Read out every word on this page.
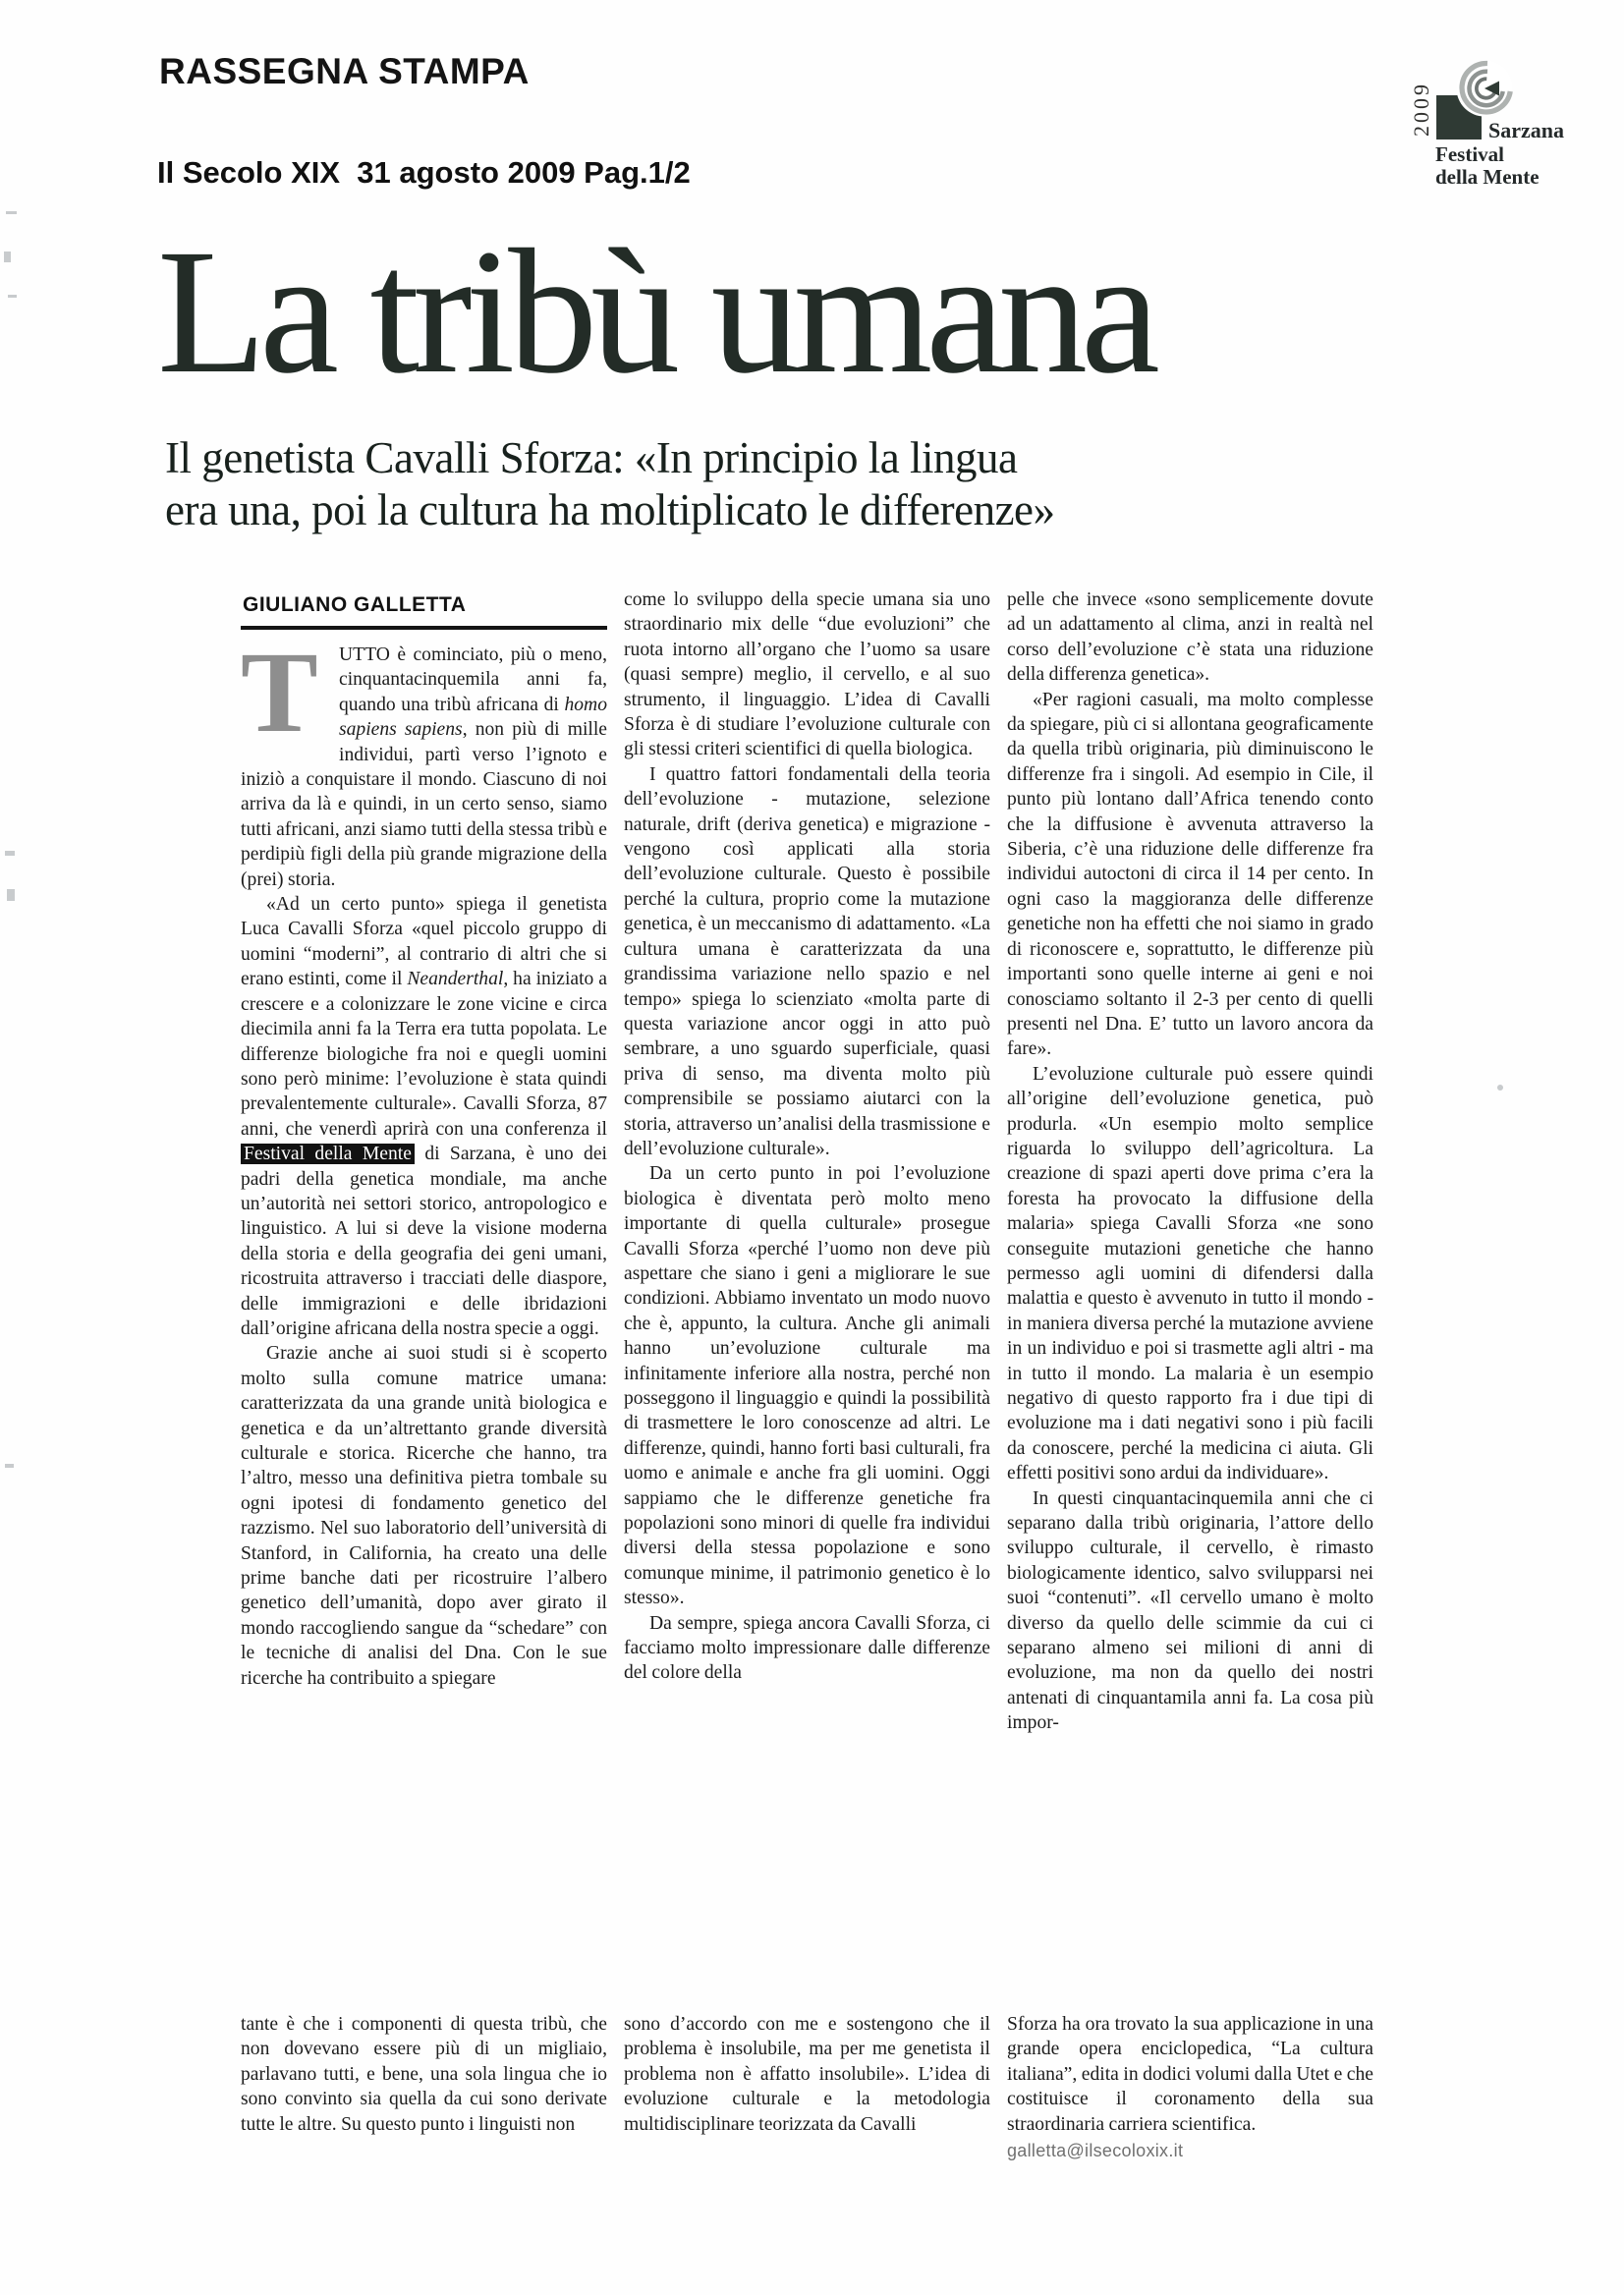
RASSEGNA STAMPA
Il Secolo XIX  31 agosto 2009 Pag.1/2
2009	Sarzana
Festival
della Mente
La tribù umana
Il genetista Cavalli Sforza: «In principio la lingua
era una, poi la cultura ha moltiplicato le differenze»
GIULIANO GALLETTA

T	UTTO è cominciato, più o meno, cinquantacinquemila anni fa, quando una tribù africana di homo sapiens sapiens, non più di mille individui, partì verso l’ignoto e iniziò a conquistare il mondo. Ciascuno di noi arriva da là e quindi, in un certo senso, siamo tutti africani, anzi siamo tutti della stessa tribù e perdipiù figli della più grande migrazione della (prei) storia.

«Ad un certo punto» spiega il genetista Luca Cavalli Sforza «quel piccolo gruppo di uomini “moderni”, al contrario di altri che si erano estinti, come il Neanderthal, ha iniziato a crescere e a colonizzare le zone vicine e circa diecimila anni fa la Terra era tutta popolata. Le differenze biologiche fra noi e quegli uomini sono però minime: l’evoluzione è stata quindi prevalentemente culturale». Cavalli Sforza, 87 anni, che venerdì aprirà con una conferenza il Festival della Mente di Sarzana, è uno dei padri della genetica mondiale, ma anche un’autorità nei settori storico, antropologico e linguistico. A lui si deve la visione moderna della storia e della geografia dei geni umani, ricostruita attraverso i tracciati delle diaspore, delle immigrazioni e delle ibridazioni dall’origine africana della nostra specie a oggi.

Grazie anche ai suoi studi si è scoperto molto sulla comune matrice umana: caratterizzata da una grande unità biologica e genetica e da un’altrettanto grande diversità culturale e storica. Ricerche che hanno, tra l’altro, messo una definitiva pietra tombale su ogni ipotesi di fondamento genetico del razzismo. Nel suo laboratorio dell’università di Stanford, in California, ha creato una delle prime banche dati per ricostruire l’albero genetico dell’umanità, dopo aver girato il mondo raccogliendo sangue da “schedare” con le tecniche di analisi del Dna. Con le sue ricerche ha contribuito a spiegare

come lo sviluppo della specie umana sia uno straordinario mix delle “due evoluzioni” che ruota intorno all’organo che l’uomo sa usare (quasi sempre) meglio, il cervello, e al suo strumento, il linguaggio. L’idea di Cavalli Sforza è di studiare l’evoluzione culturale con gli stessi criteri scientifici di quella biologica.

I quattro fattori fondamentali della teoria dell’evoluzione - mutazione, selezione naturale, drift (deriva genetica) e migrazione - vengono così applicati alla storia dell’evoluzione culturale. Questo è possibile perché la cultura, proprio come la mutazione genetica, è un meccanismo di adattamento. «La cultura umana è caratterizzata da una grandissima variazione nello spazio e nel tempo» spiega lo scienziato «molta parte di questa variazione ancor oggi in atto può sembrare, a uno sguardo superficiale, quasi priva di senso, ma diventa molto più comprensibile se possiamo aiutarci con la storia, attraverso un’analisi della trasmissione e dell’evoluzione culturale».

Da un certo punto in poi l’evoluzione biologica è diventata però molto meno importante di quella culturale» prosegue Cavalli Sforza «perché l’uomo non deve più aspettare che siano i geni a migliorare le sue condizioni. Abbiamo inventato un modo nuovo che è, appunto, la cultura. Anche gli animali hanno un’evoluzione culturale ma infinitamente inferiore alla nostra, perché non posseggono il linguaggio e quindi la possibilità di trasmettere le loro conoscenze ad altri. Le differenze, quindi, hanno forti basi culturali, fra uomo e animale e anche fra gli uomini. Oggi sappiamo che le differenze genetiche fra popolazioni sono minori di quelle fra individui diversi della stessa popolazione e sono comunque minime, il patrimonio genetico è lo stesso».

Da sempre, spiega ancora Cavalli Sforza, ci facciamo molto impressionare dalle differenze del colore della

pelle che invece «sono semplicemente dovute ad un adattamento al clima, anzi in realtà nel corso dell’evoluzione c’è stata una riduzione della differenza genetica».

«Per ragioni casuali, ma molto complesse da spiegare, più ci si allontana geograficamente da quella tribù originaria, più diminuiscono le differenze fra i singoli. Ad esempio in Cile, il punto più lontano dall’Africa tenendo conto che la diffusione è avvenuta attraverso la Siberia, c’è una riduzione delle differenze fra individui autoctoni di circa il 14 per cento. In ogni caso la maggioranza delle differenze genetiche non ha effetti che noi siamo in grado di riconoscere e, soprattutto, le differenze più importanti sono quelle interne ai geni e noi conosciamo soltanto il 2-3 per cento di quelli presenti nel Dna. E’ tutto un lavoro ancora da fare».

L’evoluzione culturale può essere quindi all’origine dell’evoluzione genetica, può produrla. «Un esempio molto semplice riguarda lo sviluppo dell’agricoltura. La creazione di spazi aperti dove prima c’era la foresta ha provocato la diffusione della malaria» spiega Cavalli Sforza «ne sono conseguite mutazioni genetiche che hanno permesso agli uomini di difendersi dalla malattia e questo è avvenuto in tutto il mondo - in maniera diversa perché la mutazione avviene in un individuo e poi si trasmette agli altri - ma in tutto il mondo. La malaria è un esempio negativo di questo rapporto fra i due tipi di evoluzione ma i dati negativi sono i più facili da conoscere, perché la medicina ci aiuta. Gli effetti positivi sono ardui da individuare».

In questi cinquantacinquemila anni che ci separano dalla tribù originaria, l’attore dello sviluppo culturale, il cervello, è rimasto biologicamente identico, salvo svilupparsi nei suoi “contenuti”. «Il cervello umano è molto diverso da quello delle scimmie da cui ci separano almeno sei milioni di anni di evoluzione, ma non da quello dei nostri antenati di cinquantamila anni fa. La cosa più impor-

tante è che i componenti di questa tribù, che non dovevano essere più di un migliaio, parlavano tutti, e bene, una sola lingua che io sono convinto sia quella da cui sono derivate tutte le altre. Su questo punto i linguisti non

sono d’accordo con me e sostengono che il problema è insolubile, ma per me genetista il problema non è affatto insolubile». L’idea di evoluzione culturale e la metodologia multidisciplinare teorizzata da Cavalli

Sforza ha ora trovato la sua applicazione in una grande opera enciclopedica, “La cultura italiana”, edita in dodici volumi dalla Utet e che costituisce il coronamento della sua straordinaria carriera scientifica.

galletta@ilsecoloxix.it
